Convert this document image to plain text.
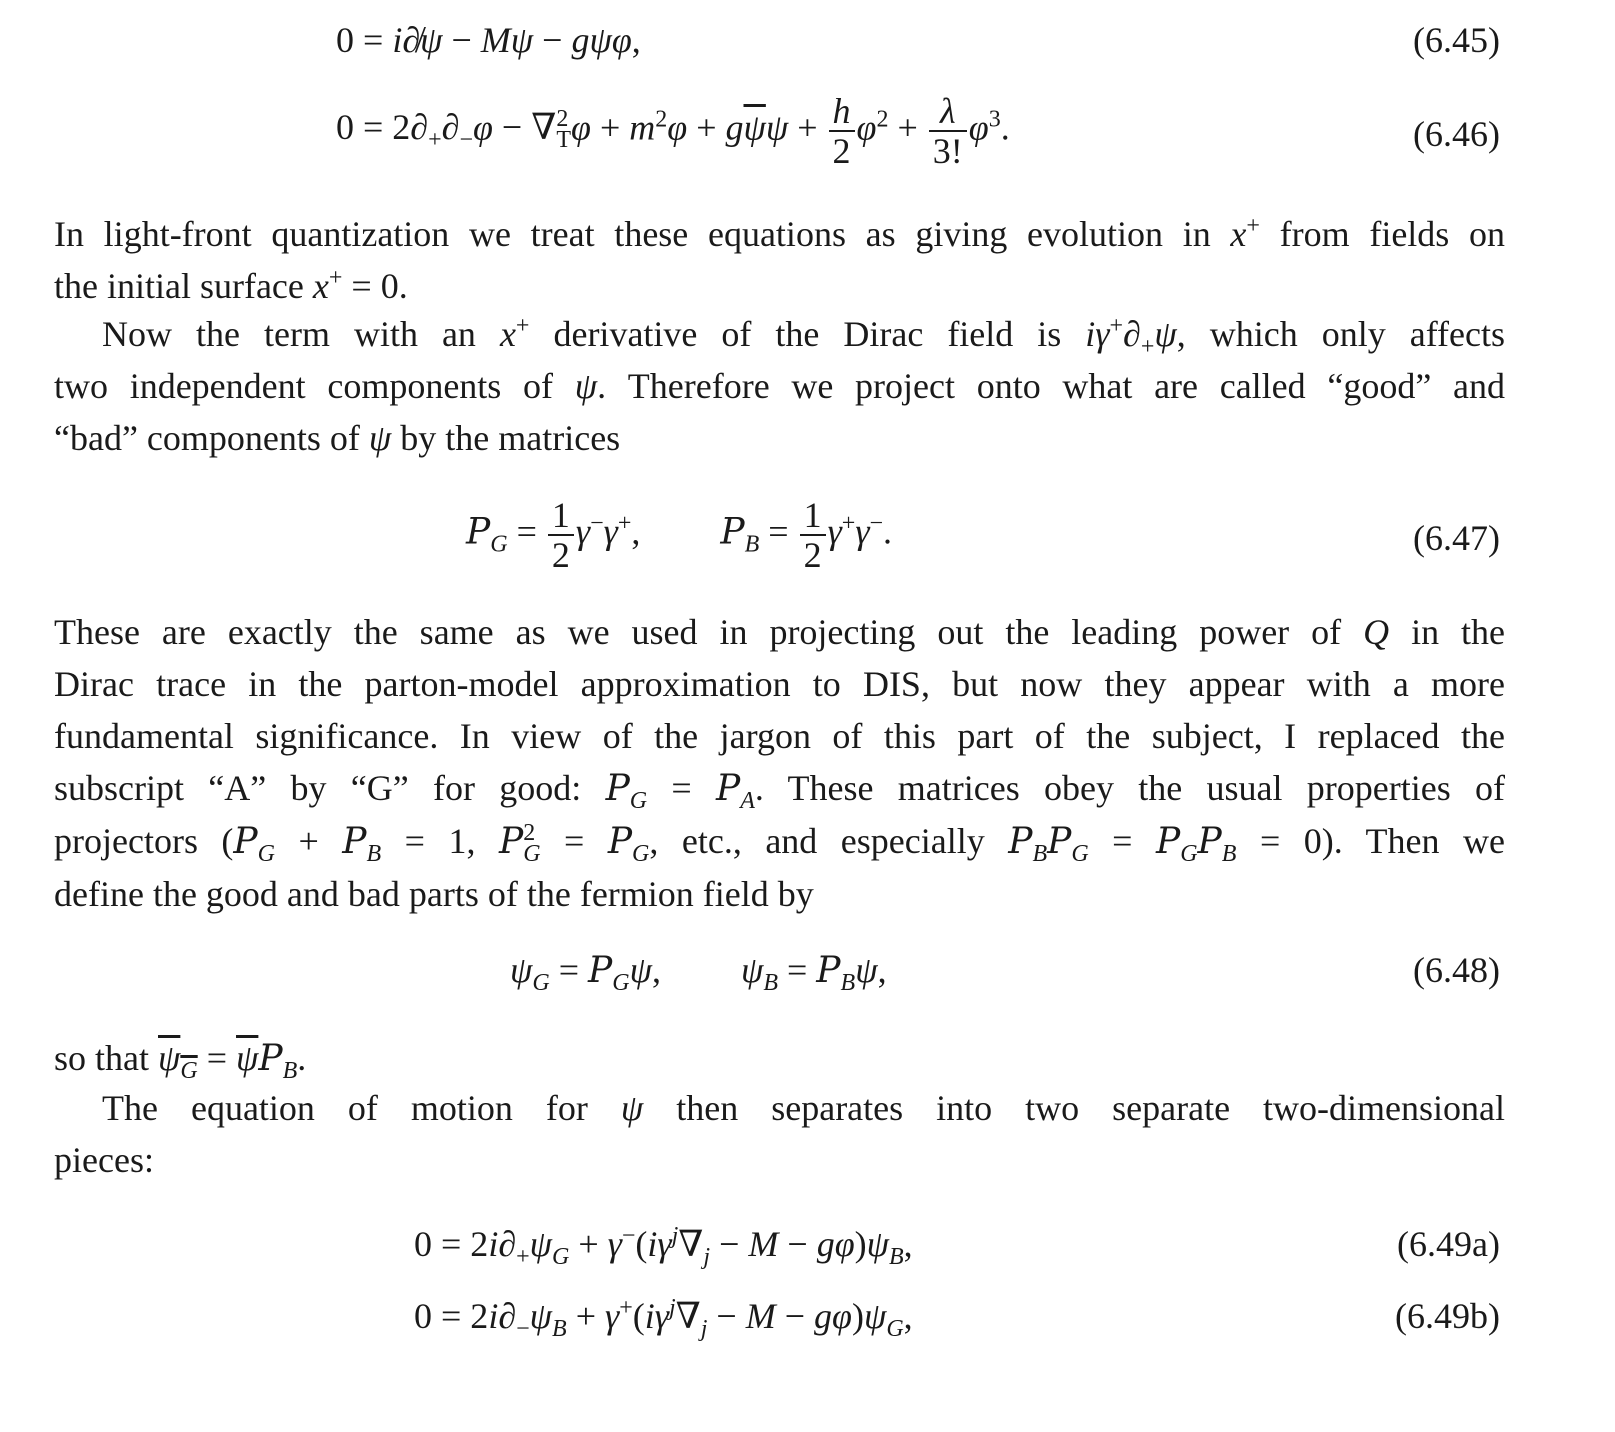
0 = i∂̸ψ − Mψ − gψφ,	(6.45)
$0 = 2\partial_+\partial_-\varphi - \nabla^2_T\varphi + m^2\varphi + g\overline{\psi}\psi + \frac{h}{2} \varphi^2 + \frac{\lambda}{3!} \varphi^3$.	(6.46)
In light-front quantization we treat these equations as giving evolution in x+ from fields on
the initial surface x+ = 0.
Now the term with an x+ derivative of the Dirac field is $i\gamma^+\partial_+\psi$, which only affects
two independent components of ψ. Therefore we project onto what are called “good” and
“bad” components of ψ by the matrices
$P_G = \frac{1}{2} \gamma^-\gamma^+$, $P_B = \frac{1}{2} \gamma^+\gamma^-$.	(6.47)
These are exactly the same as we used in projecting out the leading power of Q in the
Dirac trace in the parton-model approximation to DIS, but now they appear with a more
fundamental significance. In view of the jargon of this part of the subject, I replaced the
subscript “A” by “G” for good: $P_G = P_A$. These matrices obey the usual properties of
projectors ($P_G + P_B = 1$, $P^2_G = P_G$, etc., and especially $P_BP_G = P_GP_B = 0$). Then we
define the good and bad parts of the fermion field by
$\psi_G = P_G\psi$, $\psi_B = P_B\psi$,	(6.48)
so that $\psi_G = \overline{\psi}P_B$.
The equation of motion for ψ then separates into two separate two-dimensional
pieces:
$0 = 2i\partial_+\psi_G + \gamma^-(i\gamma^j\nabla_j - M - g\varphi)\psi_B$,	(6.49a)
$0 = 2i\partial_-\psi_B + \gamma^+(i\gamma^j\nabla_j - M - g\varphi)\psi_G$,	(6.49b)
